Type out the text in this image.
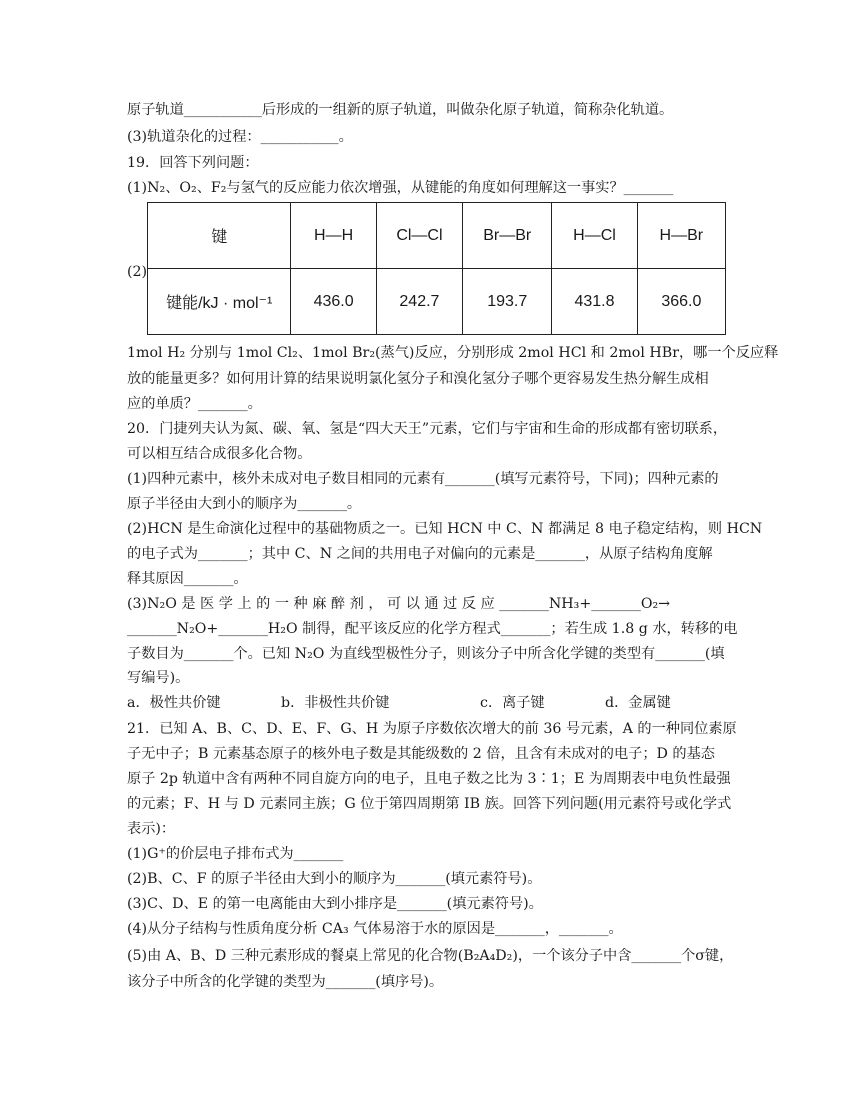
原子轨道___________后形成的一组新的原子轨道，叫做杂化原子轨道，简称杂化轨道。
(3)轨道杂化的过程：___________。
19．回答下列问题：
(1)N₂、O₂、F₂与氢气的反应能力依次增强，从键能的角度如何理解这一事实？_______
(2)
键	H—H	Cl—Cl	Br—Br	H—Cl	H—Br
键能/kJ · mol⁻¹	436.0	242.7	193.7	431.8	366.0
1mol H₂ 分别与 1mol Cl₂、1mol Br₂(蒸气)反应，分别形成 2mol HCl 和 2mol HBr，哪一个反应释
放的能量更多？如何用计算的结果说明氯化氢分子和溴化氢分子哪个更容易发生热分解生成相
应的单质？_______。
20．门捷列夫认为氮、碳、氧、氢是“四大天王”元素，它们与宇宙和生命的形成都有密切联系，
可以相互结合成很多化合物。
(1)四种元素中，核外未成对电子数目相同的元素有_______(填写元素符号，下同)；四种元素的
原子半径由大到小的顺序为_______。
(2)HCN 是生命演化过程中的基础物质之一。已知 HCN 中 C、N 都满足 8 电子稳定结构，则 HCN
的电子式为_______；其中 C、N 之间的共用电子对偏向的元素是_______，从原子结构角度解
释其原因_______。
(3)N₂O 是 医 学 上 的 一 种 麻 醉 剂 ， 可 以 通 过 反 应 _______NH₃+_______O₂→
_______N₂O+_______H₂O 制得，配平该反应的化学方程式_______；若生成 1.8 g 水，转移的电
子数目为_______个。已知 N₂O 为直线型极性分子，则该分子中所含化学键的类型有_______(填
写编号)。
a．极性共价键	b．非极性共价键	c．离子键	d．金属键
21．已知 A、B、C、D、E、F、G、H 为原子序数依次增大的前 36 号元素，A 的一种同位素原
子无中子；B 元素基态原子的核外电子数是其能级数的 2 倍，且含有未成对的电子；D 的基态
原子 2p 轨道中含有两种不同自旋方向的电子，且电子数之比为 3∶1；E 为周期表中电负性最强
的元素；F、H 与 D 元素同主族；G 位于第四周期第 IB 族。回答下列问题(用元素符号或化学式
表示)：
(1)G⁺的价层电子排布式为_______
(2)B、C、F 的原子半径由大到小的顺序为_______(填元素符号)。
(3)C、D、E 的第一电离能由大到小排序是_______(填元素符号)。
(4)从分子结构与性质角度分析 CA₃ 气体易溶于水的原因是_______，_______。
(5)由 A、B、D 三种元素形成的餐桌上常见的化合物(B₂A₄D₂)，一个该分子中含_______个σ键，
该分子中所含的化学键的类型为_______(填序号)。
